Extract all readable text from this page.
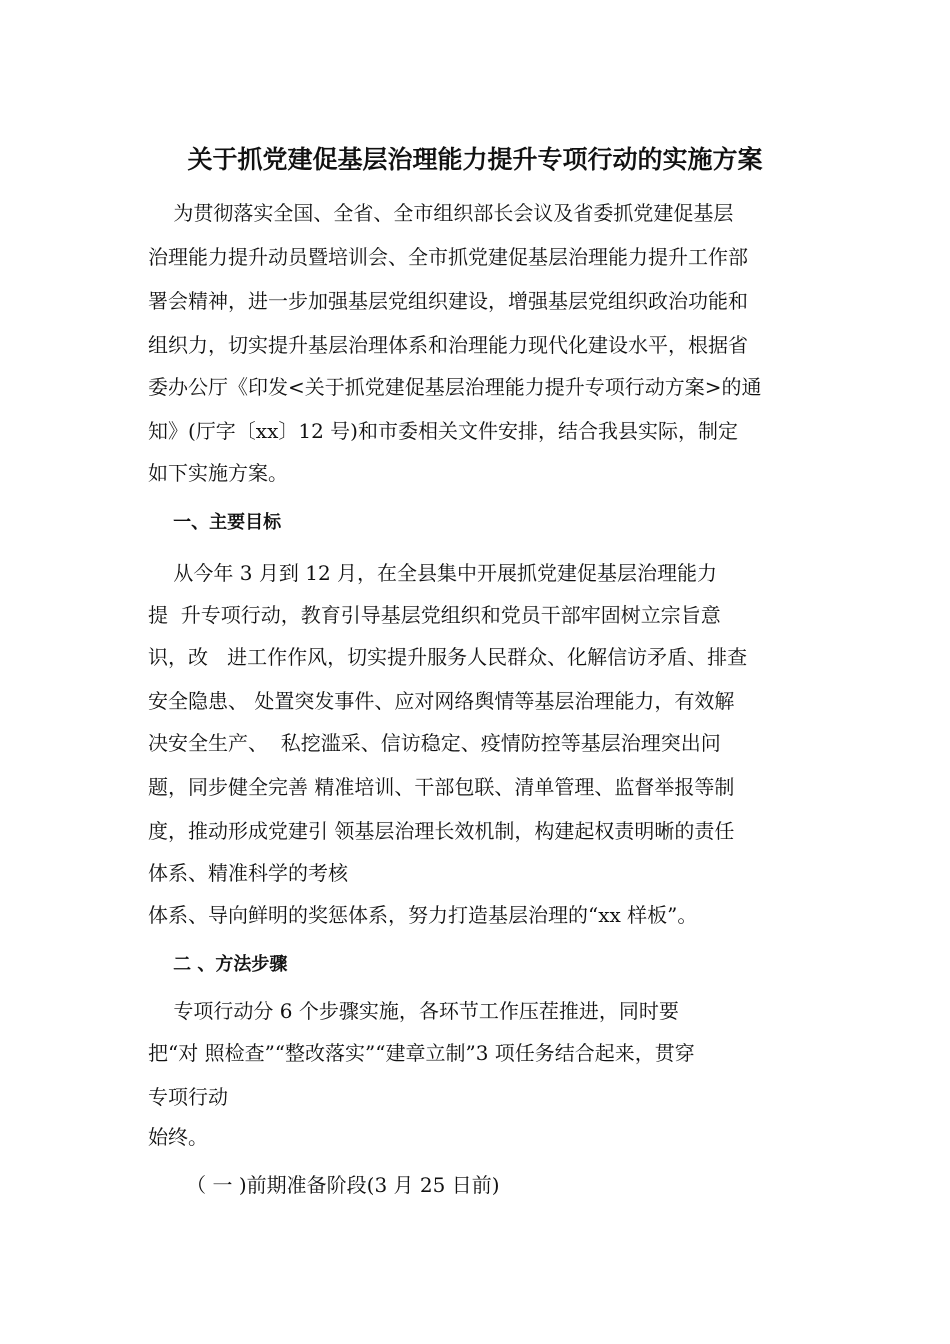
关于抓党建促基层治理能力提升专项行动的实施方案
为贯彻落实全国、全省、全市组织部长会议及省委抓党建促基层
治理能力提升动员暨培训会、全市抓党建促基层治理能力提升工作部
署会精神，进一步加强基层党组织建设，增强基层党组织政治功能和
组织力，切实提升基层治理体系和治理能力现代化建设水平，根据省
委办公厅《印发<关于抓党建促基层治理能力提升专项行动方案>的通
知》(厅字〔xx〕12 号)和市委相关文件安排，结合我县实际，制定
如下实施方案。
一、主要目标
从今年 3 月到 12 月，在全县集中开展抓党建促基层治理能力
提  升专项行动，教育引导基层党组织和党员干部牢固树立宗旨意
识，改   进工作作风，切实提升服务人民群众、化解信访矛盾、排查
安全隐患、 处置突发事件、应对网络舆情等基层治理能力，有效解
决安全生产、  私挖滥采、信访稳定、疫情防控等基层治理突出问
题，同步健全完善 精准培训、干部包联、清单管理、监督举报等制
度，推动形成党建引 领基层治理长效机制，构建起权责明晰的责任
体系、精准科学的考核
体系、导向鲜明的奖惩体系，努力打造基层治理的“xx 样板”。
二 、方法步骤
专项行动分 6 个步骤实施，各环节工作压茬推进，同时要
把“对 照检查”“整改落实”“建章立制”3 项任务结合起来，贯穿
专项行动
始终。
（ 一 )前期准备阶段(3 月 25 日前)
